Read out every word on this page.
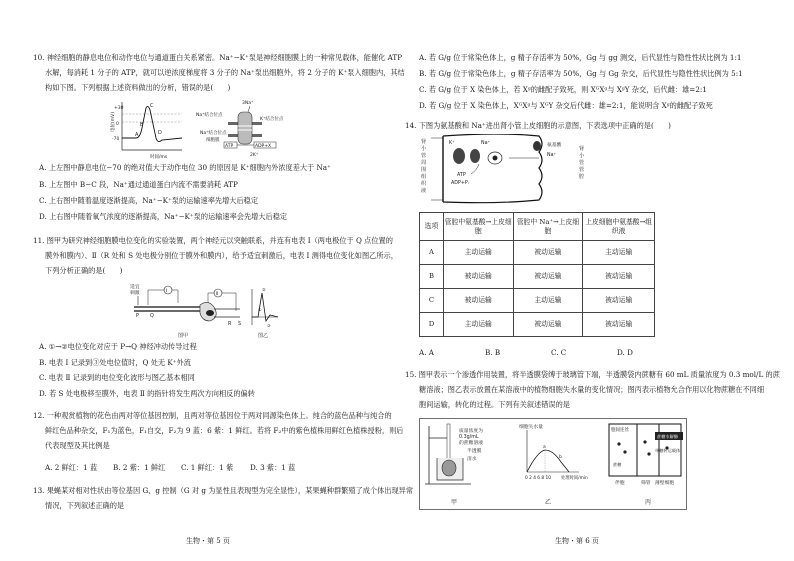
10. 神经细胞的静息电位和动作电位与通道蛋白关系紧密。Na⁺−K⁺泵是神经细胞膜上的一种常见载体，能催化 ATP
水解，每消耗 1 分子的 ATP，就可以逆浓度梯度将 3 分子的 Na⁺泵出细胞外，将 2 分子的 K⁺泵入细胞内，其结
构如下图。下列根据上述资料做出的分析，错误的是(　　)
电位(mV)
+30
0
-70
A
B
C
D
时间/ms
3Na⁺
Na⁺结合位点
K⁺结合位点
Na⁺结合位点
细胞膜
ATP	ADP+X
2K⁺
A. 上左图中静息电位−70 的绝对值大于动作电位 30 的原因是 K⁺细胞内外浓度差大于 Na⁺
B. 上左图中 B−C 段，Na⁺通过通道蛋白内流不需要消耗 ATP
C. 上右图中随着温度逐渐提高，Na⁺−K⁺泵的运输速率先增大后稳定
D. 上右图中随着氧气浓度的逐渐提高，Na⁺−K⁺泵的运输速率会先增大后稳定
11. 图甲为研究神经细胞膜电位变化的实验装置，两个神经元以突触联系，并连有电表 Ⅰ（两电极位于 Q 点位置的
膜外和膜内）、Ⅱ（R 处和 S 处电极分别位于膜外和膜内），给予适宜刺激后，电表 Ⅰ 测得电位变化如图乙所示，
下列分析正确的是(　　)
适宜
刺激	Ⅰ
Ⅱ
P Q
R S
图甲
①
②
③
图乙
A. ①→②电位变化对应于 P→Q 神经冲动传导过程
B. 电表 Ⅰ 记录到③处电位值时，Q 处无 K⁺外流
C. 电表 Ⅱ 记录到的电位变化波形与图乙基本相同
D. 若 S 处电极移至膜外，电表 Ⅱ 的指针将发生两次方向相反的偏转
12. 一种观赏植物的花色由两对等位基因控制，且两对等位基因位于两对同源染色体上。纯合的蓝色品种与纯合的
鲜红色品种杂交，F₁为蓝色，F₁自交，F₂为 9 蓝：6 紫：1 鲜红。若将 F₂中的紫色植株用鲜红色植株授粉，则后
代表现型及其比例是
A. 2 鲜红：1 蓝 B. 2 紫：1 鲜红 C. 1 鲜红：1 紫 D. 3 紫：1 蓝
13. 果蝇某对相对性状由等位基因 G、g 控制（G 对 g 为显性且表现型为完全显性），某果蝇种群繁殖了成个体出现异常
情况，下列叙述正确的是
生物・第 5 页
A. 若 G/g 位于常染色体上，g 精子存活率为 50%，Gg 与 gg 测交，后代显性与隐性性状比例为 1:1
B. 若 G/g 位于常染色体上，g 精子存活率为 50%，Gg 与 Gg 杂交，后代显性与隐性性状比例为 5:1
C. 若 G/g 位于 X 染色体上，若 Xᵍ的雌配子致死，则 XᴳXᵍ与 XᵍY 杂交，后代雌：雄=2:1
D. 若 G/g 位于 X 染色体上，XᴳXᵍ与 XᴳY 杂交后代雌：雄=2:1，能说明含 Xᵍ的雌配子致死
14. 下图为氨基酸和 Na⁺进出肾小管上皮细胞的示意图，下表选项中正确的是(　　)
肾
小
管
周
围
组
织
液
Na⁺
K⁺
ATP
ADP+Pᵢ
氨基酸
Na⁺
肾
小
管
管
腔
选项	管腔中氨基酸→上皮细胞	管腔中 Na⁺→上皮细胞	上皮细胞中氨基酸→组织液
A	主动运输	被动运输	主动运输
B	被动运输	被动运输	被动运输
C	被动运输	主动运输	被动运输
D	主动运输	被动运输	被动运输
A. A	B. B	C. C	D. D
15. 图甲表示一个渗透作用装置，将半透膜袋缚于玻璃管下端，半透膜袋内蔗糖有 60 mL 质量浓度为 0.3 mol/L 的蔗
糖溶液；图乙表示放置在某溶液中的植物细胞失水量的变化情况；图丙表示植物允合作用以化物蔗糖在不同细
胞间运输，转化的过程。下列有关叙述错误的是
质量浓度为
0.3g/mL
的蔗糖溶液
半透膜
清水
甲
a
b
细胞失水量
0 2 4 6 8 10 处理时间/min
乙
胞间连丝
蔗糖水解酶
单糖转运载体
蔗糖
伴胞	筛管 薄壁细胞
丙
生物・第 6 页
